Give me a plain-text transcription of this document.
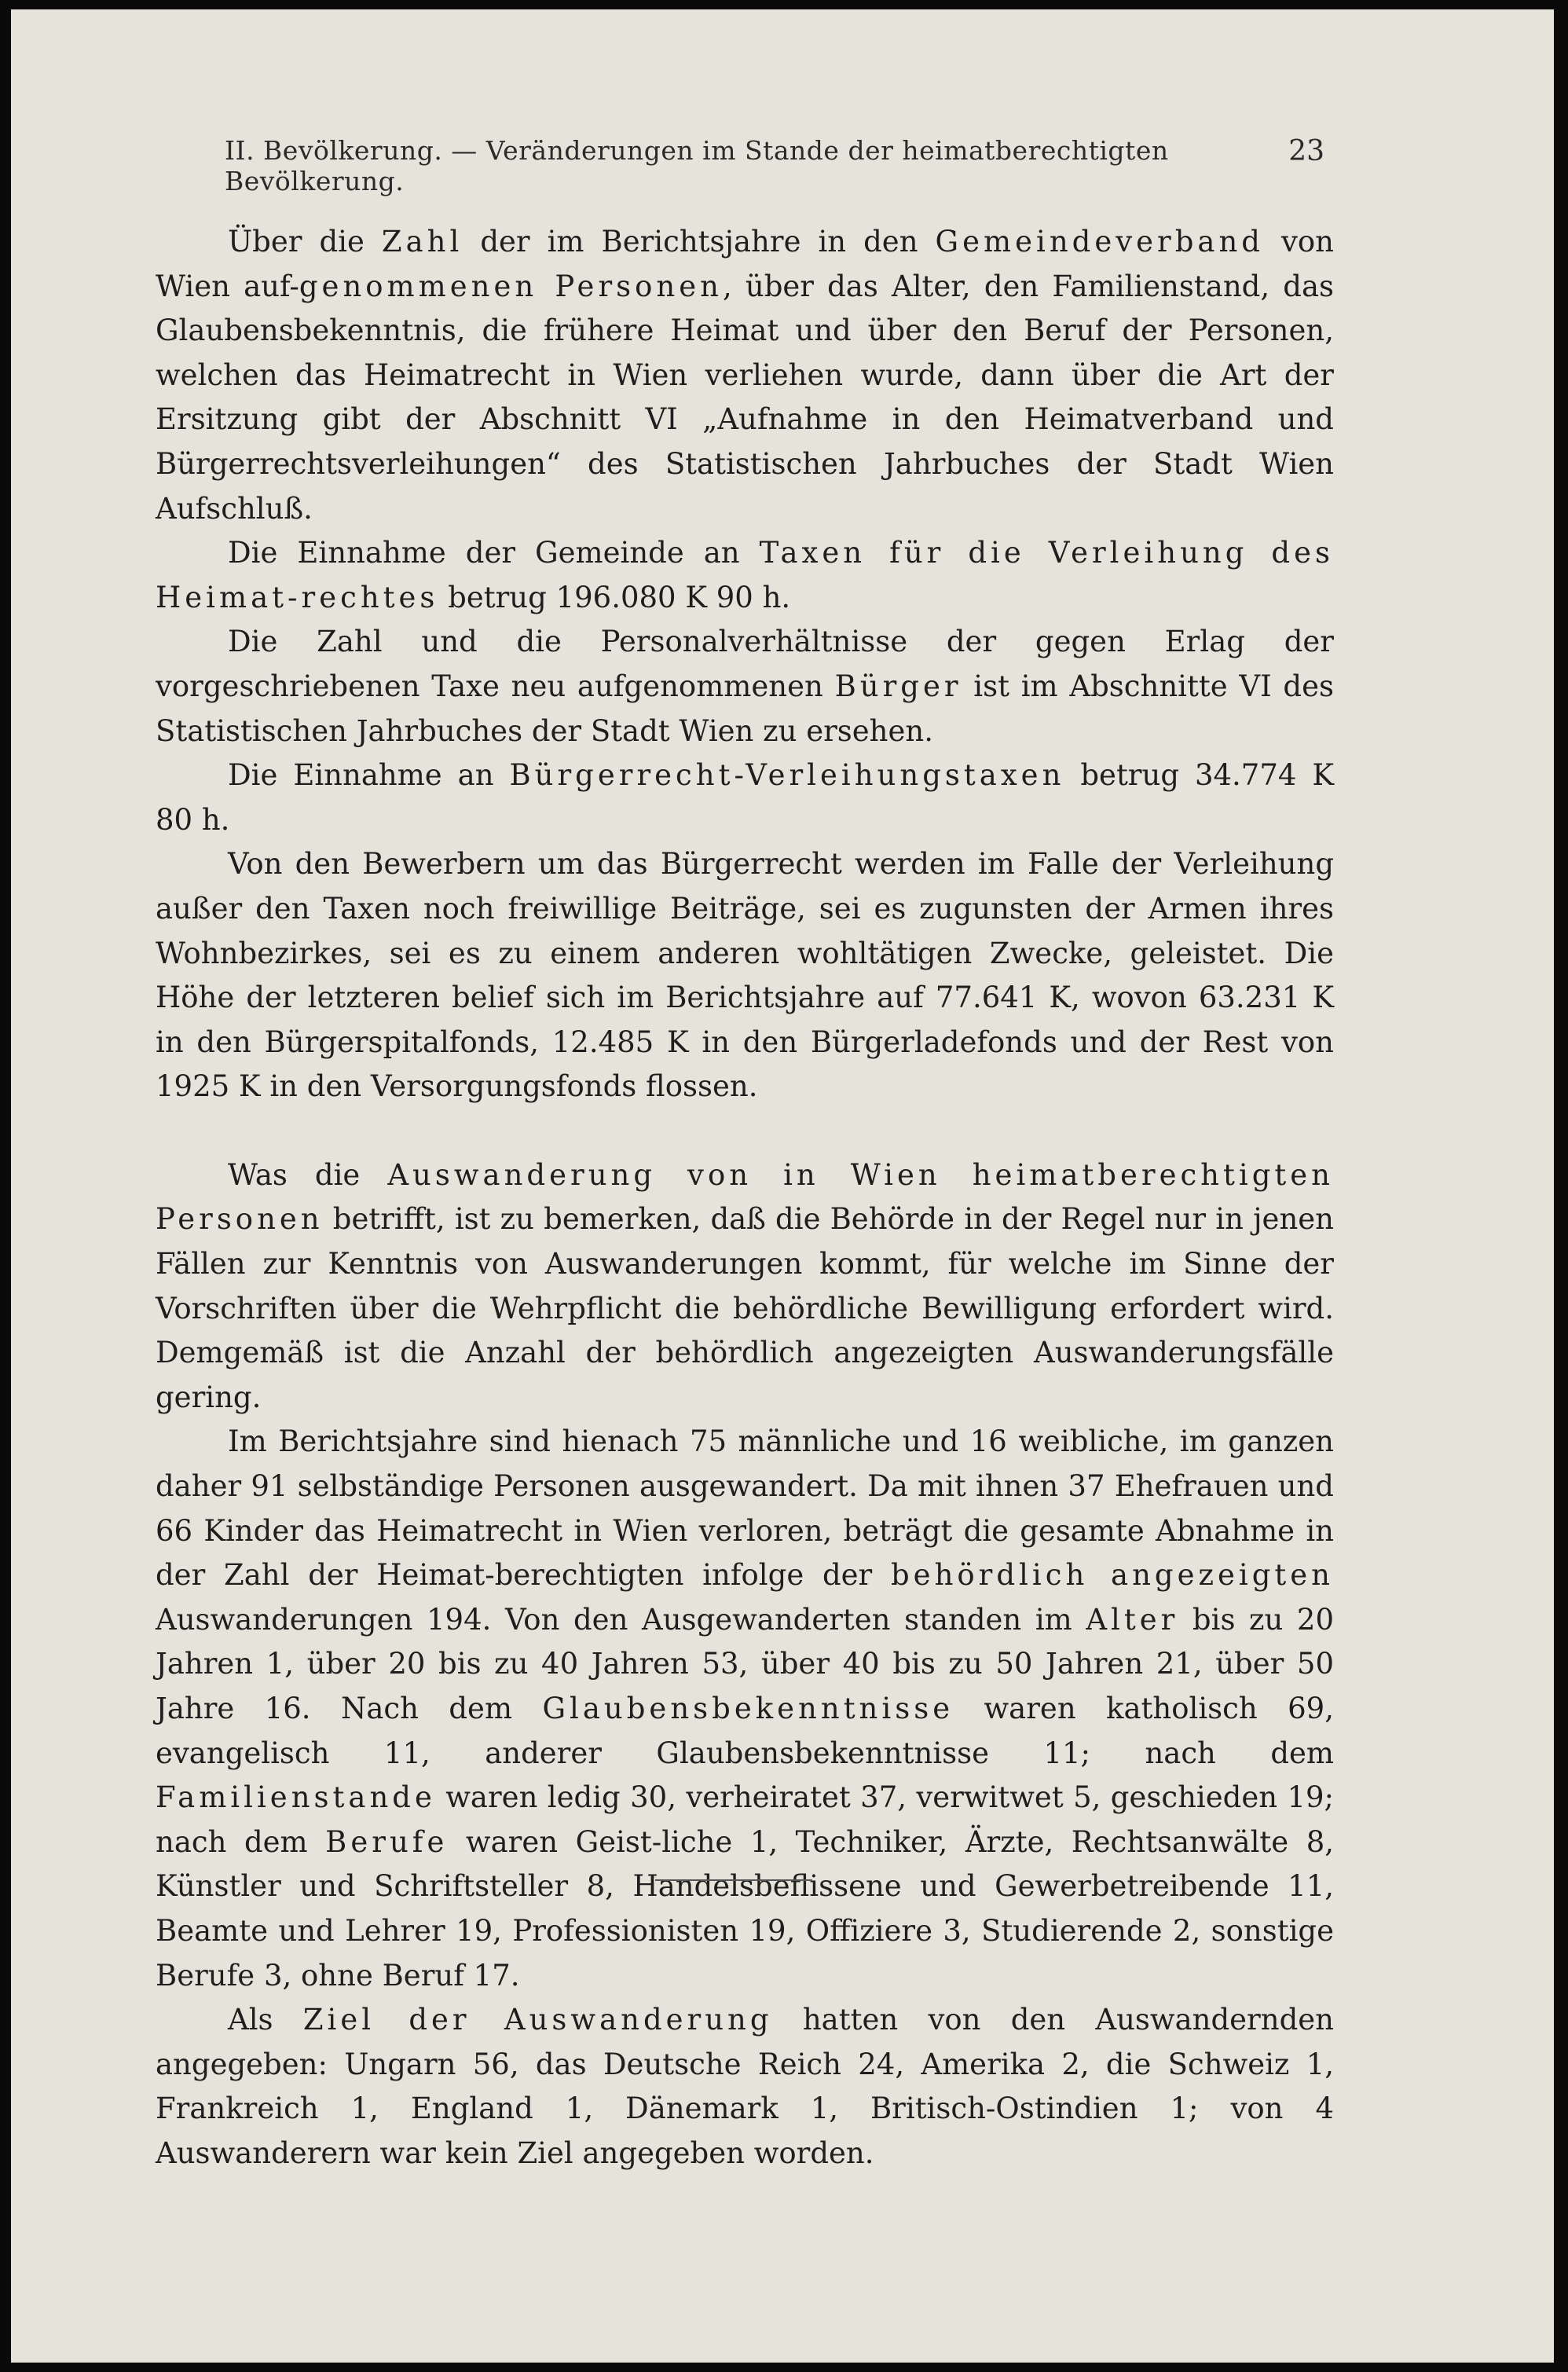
II. Bevölkerung. — Veränderungen im Stande der heimatberechtigten Bevölkerung.
23

Über die Zahl der im Berichtsjahre in den Gemeindeverband von Wien auf-genommenen Personen, über das Alter, den Familienstand, das Glaubensbekenntnis, die frühere Heimat und über den Beruf der Personen, welchen das Heimatrecht in Wien verliehen wurde, dann über die Art der Ersitzung gibt der Abschnitt VI „Aufnahme in den Heimatverband und Bürgerrechtsverleihungen“ des Statistischen Jahrbuches der Stadt Wien Aufschluß.

Die Einnahme der Gemeinde an Taxen für die Verleihung des Heimat-rechtes betrug 196.080 K 90 h.

Die Zahl und die Personalverhältnisse der gegen Erlag der vorgeschriebenen Taxe neu aufgenommenen Bürger ist im Abschnitte VI des Statistischen Jahrbuches der Stadt Wien zu ersehen.

Die Einnahme an Bürgerrecht-Verleihungstaxen betrug 34.774 K 80 h.

Von den Bewerbern um das Bürgerrecht werden im Falle der Verleihung außer den Taxen noch freiwillige Beiträge, sei es zugunsten der Armen ihres Wohnbezirkes, sei es zu einem anderen wohltätigen Zwecke, geleistet. Die Höhe der letzteren belief sich im Berichtsjahre auf 77.641 K, wovon 63.231 K in den Bürgerspitalfonds, 12.485 K in den Bürgerladefonds und der Rest von 1925 K in den Versorgungsfonds flossen.

Was die Auswanderung von in Wien heimatberechtigten Personen betrifft, ist zu bemerken, daß die Behörde in der Regel nur in jenen Fällen zur Kenntnis von Auswanderungen kommt, für welche im Sinne der Vorschriften über die Wehrpflicht die behördliche Bewilligung erfordert wird. Demgemäß ist die Anzahl der behördlich angezeigten Auswanderungsfälle gering.

Im Berichtsjahre sind hienach 75 männliche und 16 weibliche, im ganzen daher 91 selbständige Personen ausgewandert. Da mit ihnen 37 Ehefrauen und 66 Kinder das Heimatrecht in Wien verloren, beträgt die gesamte Abnahme in der Zahl der Heimat-berechtigten infolge der behördlich angezeigten Auswanderungen 194. Von den Ausgewanderten standen im Alter bis zu 20 Jahren 1, über 20 bis zu 40 Jahren 53, über 40 bis zu 50 Jahren 21, über 50 Jahre 16. Nach dem Glaubensbekenntnisse waren katholisch 69, evangelisch 11, anderer Glaubensbekenntnisse 11; nach dem Familienstande waren ledig 30, verheiratet 37, verwitwet 5, geschieden 19; nach dem Berufe waren Geist-liche 1, Techniker, Ärzte, Rechtsanwälte 8, Künstler und Schriftsteller 8, Handelsbeflissene und Gewerbetreibende 11, Beamte und Lehrer 19, Professionisten 19, Offiziere 3, Studierende 2, sonstige Berufe 3, ohne Beruf 17.

Als Ziel der Auswanderung hatten von den Auswandernden angegeben: Ungarn 56, das Deutsche Reich 24, Amerika 2, die Schweiz 1, Frankreich 1, England 1, Dänemark 1, Britisch-Ostindien 1; von 4 Auswanderern war kein Ziel angegeben worden.
